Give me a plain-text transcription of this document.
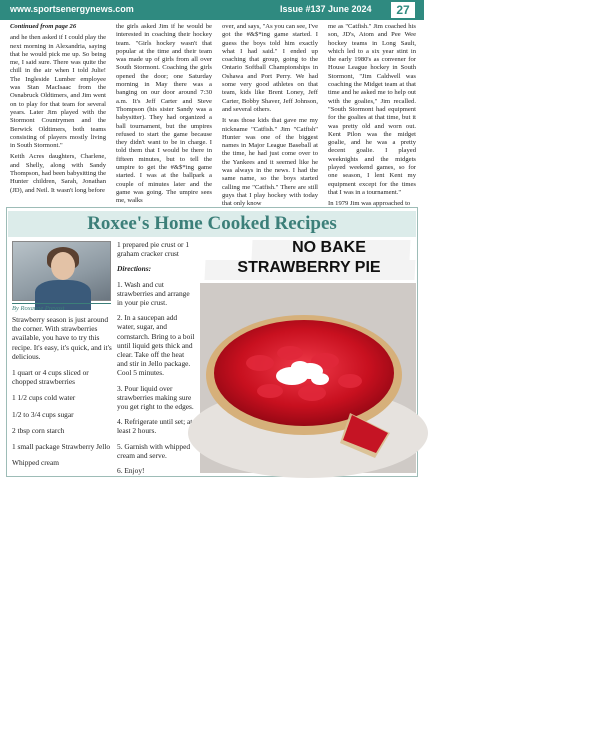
www.sportsenergynews.com	Issue #137 June 2024	27

Continued from page 26

and he then asked if I could play the next morning in Alexandria, saying that he would pick me up. So being me, I said sure. There was quite the chill in the air when I told Julie! The Ingleside Lumber employee was Stan MacIsaac from the Osnabruck Oldtimers, and Jim went on to play for that team for several years. Later Jim played with the Stormont Countrymen and the Berwick Oldtimers, both teams consisting of players mostly living in South Stormont."

Keith Acres daughters, Charlene, and Shelly, along with Sandy Thompson, had been babysitting the Hunter children, Sarah, Jonathan (JD), and Neil. It wasn't long before

the girls asked Jim if he would be interested in coaching their hockey team. "Girls hockey wasn't that popular at the time and their team was made up of girls from all over South Stormont. Coaching the girls opened the door; one Saturday morning in May there was a banging on our door around 7:30 a.m. It's Jeff Carter and Steve Thompson (his sister Sandy was a babysitter). They had organized a ball tournament, but the umpires refused to start the game because they didn't want to be in charge. I told them that I would be there in fifteen minutes, but to tell the umpire to get the #&$*ing game started. I was at the ballpark a couple of minutes later and the game was going. The umpire sees me, walks

over, and says, "As you can see, I've got the #&$*ing game started. I guess the boys told him exactly what I had said." I ended up coaching that group, going to the Ontario Softball Championships in Oshawa and Port Perry. We had some very good athletes on that team, kids like Brent Loney, Jeff Carter, Bobby Shaver, Jeff Johnson, and several others.

It was those kids that gave me my nickname "Catfish." Jim "Catfish" Hunter was one of the biggest names in Major League Baseball at the time, he had just come over to the Yankees and it seemed like he was always in the news. I had the same name, so the boys started calling me "Catfish." There are still guys that I play hockey with today that only know

me as "Catfish." Jim coached his son, JD's, Atom and Pee Wee hockey teams in Long Sault, which led to a six year stint in the early 1980's as convener for House League hockey in South Stormont, "Jim Caldwell was coaching the Midget team at that time and he asked me to help out with the goalies," Jim recalled. "South Stormont had equipment for the goalies at that time, but it was pretty old and worn out. Kent Pilon was the midget goalie, and he was a pretty decent goalie. I played weeknights and the midgets played weekend games, so for one season, I lent Kent my equipment except for the times that I was in a tournament."

In 1979 Jim was approached to

Roxee's Home Cooked Recipes
By Roxanne Prevost

Strawberry season is just around the corner. With strawberries available, you have to try this recipe. It's easy, it's quick, and it's delicious.

1 quart or 4 cups sliced or chopped strawberries

1 1/2 cups cold water

1/2 to 3/4 cups sugar

2 tbsp corn starch

1 small package Strawberry Jello

Whipped cream

1 prepared pie crust or 1 graham cracker crust

Directions:

1. Wash and cut strawberries and arrange in your pie crust.

2. In a saucepan add water, sugar, and cornstarch. Bring to a boil until liquid gets thick and clear. Take off the heat and stir in Jello package. Cool 5 minutes.

3. Pour liquid over strawberries making sure you get right to the edges.

4. Refrigerate until set; at least 2 hours.

5. Garnish with whipped cream and serve.

6. Enjoy!

NO BAKE
STRAWBERRY PIE
Photo: Roxanne Prevost
